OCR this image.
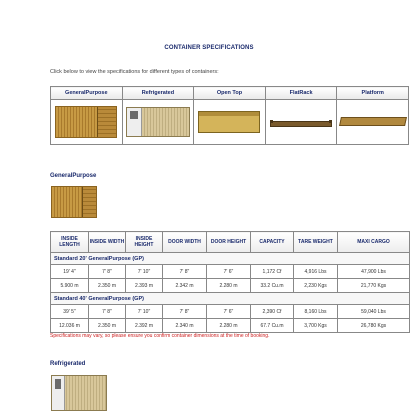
CONTAINER SPECIFICATIONS
Click below to view the specifications for different types of containers:
GeneralPurpose	Refrigerated	Open Top	FlatRack	Platform

GeneralPurpose
INSIDE LENGTH	INSIDE WIDTH	INSIDE HEIGHT	DOOR WIDTH	DOOR HEIGHT	CAPACITY	TARE WEIGHT	MAXI CARGO
Standard 20' GeneralPurpose (GP)							
19' 4"	7' 8"	7' 10"	7' 8"	7' 6"	1,172 Cf	4,916 Lbs	47,900 Lbs
5.900 m	2.350 m	2.393 m	2.342 m	2.280 m	33.2 Cu.m	2,230 Kgs	21,770 Kgs
Standard 40' GeneralPurpose (GP)							
39' 5"	7' 8"	7' 10"	7' 8"	7' 6"	2,390 Cf	8,160 Lbs	59,040 Lbs
12.036 m	2.350 m	2.392 m	2.340 m	2.280 m	67.7 Cu.m	3,700 Kgs	26,780 Kgs
Specifications may vary, so please ensure you confirm container dimensions at the time of booking.
Refrigerated
